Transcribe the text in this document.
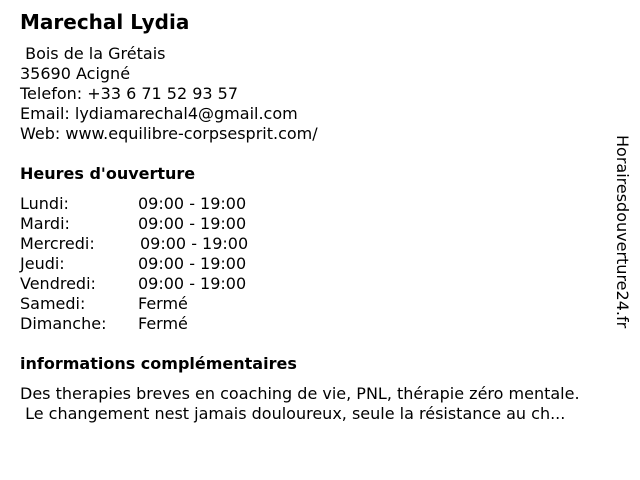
Marechal Lydia
Bois de la Grétais
35690 Acigné
Telefon: +33 6 71 52 93 57
Email: lydiamarechal4@gmail.com
Web: www.equilibre-corpsesprit.com/
Heures d'ouverture
Lundi:	09:00 - 19:00
Mardi:	09:00 - 19:00
Mercredi:	09:00 - 19:00
Jeudi:	09:00 - 19:00
Vendredi:	09:00 - 19:00
Samedi:	Fermé
Dimanche: Fermé
informations complémentaires
Des therapies breves en coaching de vie, PNL, thérapie zéro mentale.
Le changement nest jamais douloureux, seule la résistance au ch...
Horairesdouverture24.fr
